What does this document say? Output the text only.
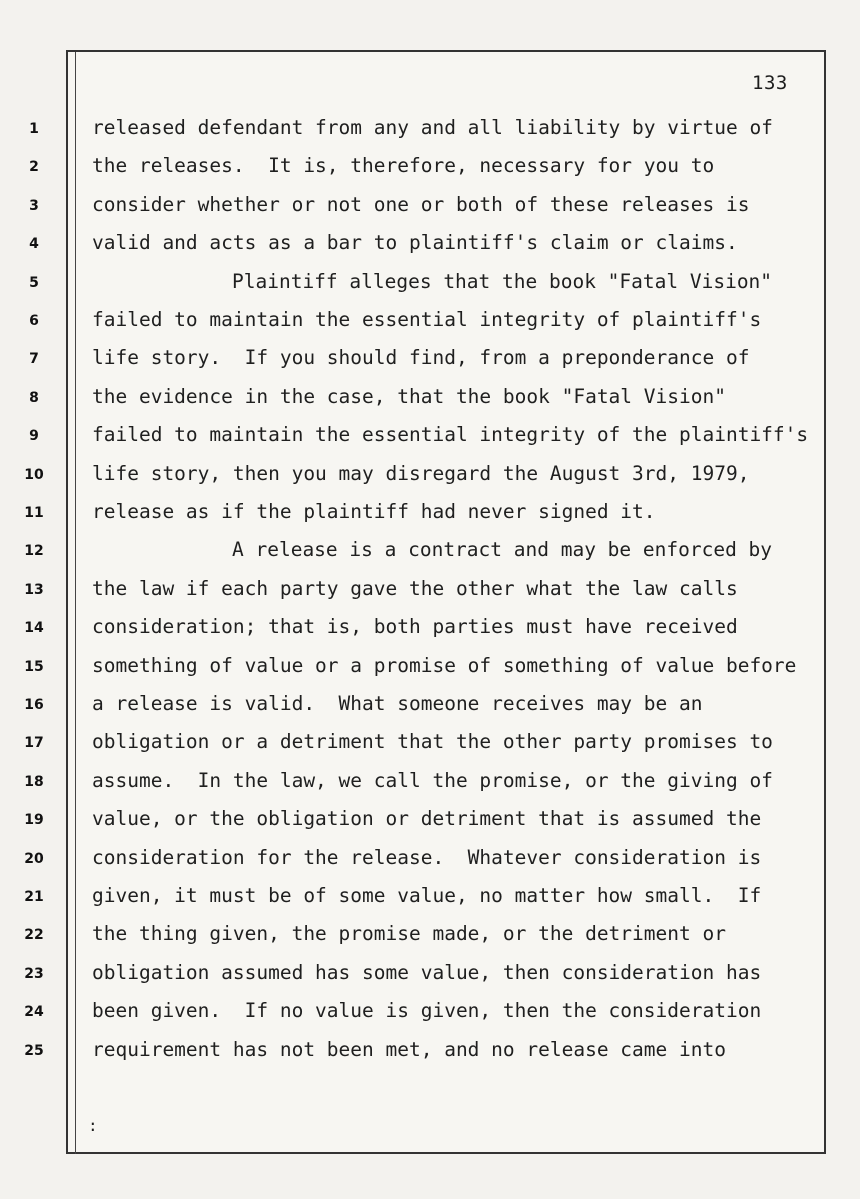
133
1
2
3
4
5
6
7
8
9
10
11
12
13
14
15
16
17
18
19
20
21
22
23
24
25
released defendant from any and all liability by virtue of
the releases.  It is, therefore, necessary for you to
consider whether or not one or both of these releases is
valid and acts as a bar to plaintiff's claim or claims.
Plaintiff alleges that the book "Fatal Vision"
failed to maintain the essential integrity of plaintiff's
life story.  If you should find, from a preponderance of
the evidence in the case, that the book "Fatal Vision"
failed to maintain the essential integrity of the plaintiff's
life story, then you may disregard the August 3rd, 1979,
release as if the plaintiff had never signed it.
A release is a contract and may be enforced by
the law if each party gave the other what the law calls
consideration; that is, both parties must have received
something of value or a promise of something of value before
a release is valid.  What someone receives may be an
obligation or a detriment that the other party promises to
assume.  In the law, we call the promise, or the giving of
value, or the obligation or detriment that is assumed the
consideration for the release.  Whatever consideration is
given, it must be of some value, no matter how small.  If
the thing given, the promise made, or the detriment or
obligation assumed has some value, then consideration has
been given.  If no value is given, then the consideration
requirement has not been met, and no release came into
:
